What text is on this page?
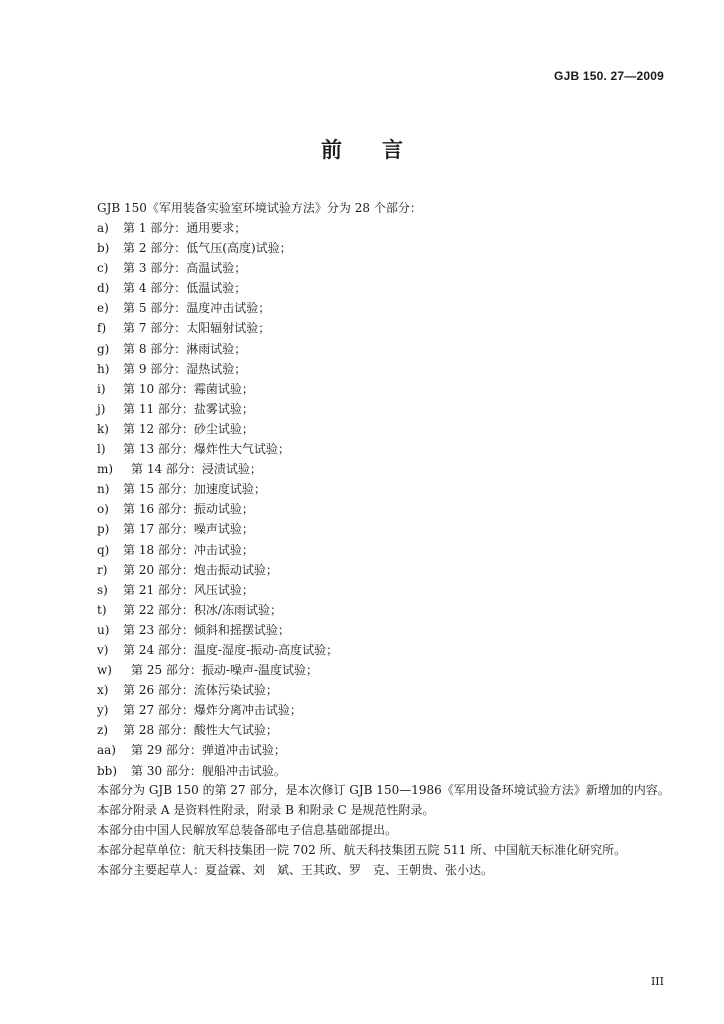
GJB 150. 27—2009
前言
GJB 150《军用装备实验室环境试验方法》分为 28 个部分：
a)	第 1 部分：通用要求；
b)	第 2 部分：低气压(高度)试验；
c)	第 3 部分：高温试验；
d)	第 4 部分：低温试验；
e)	第 5 部分：温度冲击试验；
f)	第 7 部分：太阳辐射试验；
g)	第 8 部分：淋雨试验；
h)	第 9 部分：湿热试验；
i)	第 10 部分：霉菌试验；
j)	第 11 部分：盐雾试验；
k)	第 12 部分：砂尘试验；
l)	第 13 部分：爆炸性大气试验；
m)	第 14 部分：浸渍试验；
n)	第 15 部分：加速度试验；
o)	第 16 部分：振动试验；
p)	第 17 部分：噪声试验；
q)	第 18 部分：冲击试验；
r)	第 20 部分：炮击振动试验；
s)	第 21 部分：风压试验；
t)	第 22 部分：积冰/冻雨试验；
u)	第 23 部分：倾斜和摇摆试验；
v)	第 24 部分：温度-湿度-振动-高度试验；
w)	第 25 部分：振动-噪声-温度试验；
x)	第 26 部分：流体污染试验；
y)	第 27 部分：爆炸分离冲击试验；
z)	第 28 部分：酸性大气试验；
aa)	第 29 部分：弹道冲击试验；
bb)	第 30 部分：舰船冲击试验。

本部分为 GJB 150 的第 27 部分，是本次修订 GJB 150—1986《军用设备环境试验方法》新增加的内容。

本部分附录 A 是资料性附录，附录 B 和附录 C 是规范性附录。

本部分由中国人民解放军总装备部电子信息基础部提出。

本部分起草单位：航天科技集团一院 702 所、航天科技集团五院 511 所、中国航天标准化研究所。

本部分主要起草人：夏益霖、刘　斌、王其政、罗　克、王朝贵、张小达。

III
